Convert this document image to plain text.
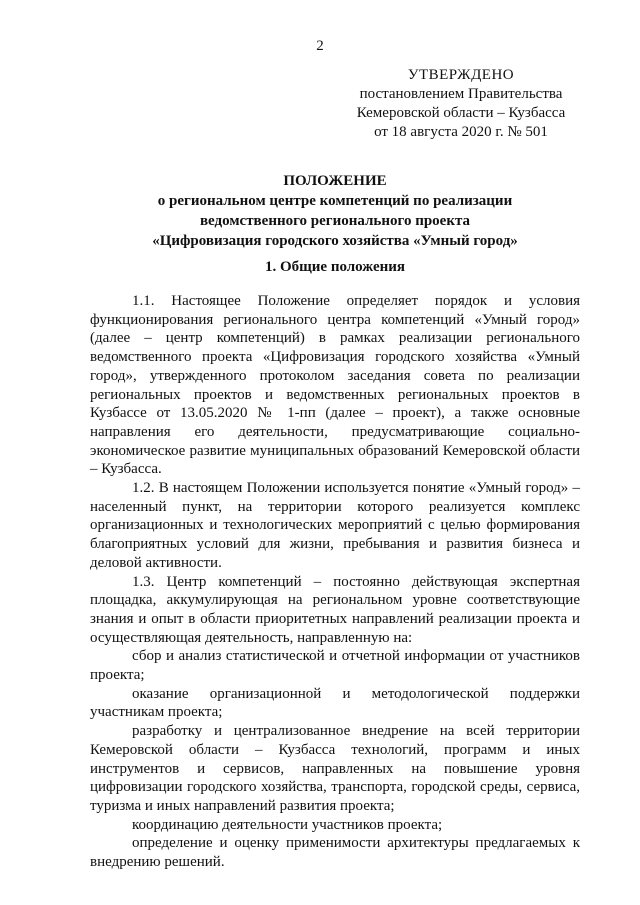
2
УТВЕРЖДЕНО
постановлением Правительства
Кемеровской области – Кузбасса
от 18 августа 2020 г. № 501
ПОЛОЖЕНИЕ
о региональном центре компетенций по реализации
ведомственного регионального проекта
«Цифровизация городского хозяйства «Умный город»
1. Общие положения

1.1. Настоящее Положение определяет порядок и условия функционирования регионального центра компетенций «Умный город» (далее – центр компетенций) в рамках реализации регионального ведомственного проекта «Цифровизация городского хозяйства «Умный город», утвержденного протоколом заседания совета по реализации региональных проектов и ведомственных региональных проектов в Кузбассе от 13.05.2020 № 1-пп (далее – проект), а также основные направления его деятельности, предусматривающие социально-экономическое развитие муниципальных образований Кемеровской области – Кузбасса.

1.2. В настоящем Положении используется понятие «Умный город» – населенный пункт, на территории которого реализуется комплекс организационных и технологических мероприятий с целью формирования благоприятных условий для жизни, пребывания и развития бизнеса и деловой активности.

1.3. Центр компетенций – постоянно действующая экспертная площадка, аккумулирующая на региональном уровне соответствующие знания и опыт в области приоритетных направлений реализации проекта и осуществляющая деятельность, направленную на:

сбор и анализ статистической и отчетной информации от участников проекта;

оказание организационной и методологической поддержки участникам проекта;

разработку и централизованное внедрение на всей территории Кемеровской области – Кузбасса технологий, программ и иных инструментов и сервисов, направленных на повышение уровня цифровизации городского хозяйства, транспорта, городской среды, сервиса, туризма и иных направлений развития проекта;

координацию деятельности участников проекта;

определение и оценку применимости архитектуры предлагаемых к внедрению решений.
